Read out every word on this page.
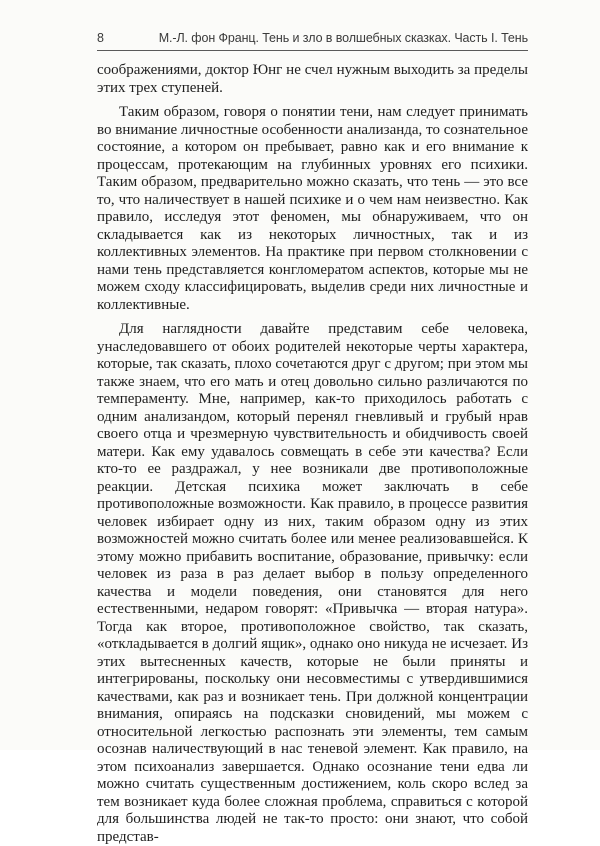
8	М.-Л. фон Франц. Тень и зло в волшебных сказках. Часть I. Тень

соображениями, доктор Юнг не счел нужным выходить за пределы этих трех ступеней.

Таким образом, говоря о понятии тени, нам следует принимать во внимание личностные особенности анализанда, то сознательное состояние, а котором он пребывает, равно как и его внимание к процессам, протекающим на глубинных уровнях его психики. Таким образом, предварительно можно сказать, что тень — это все то, что наличествует в нашей психике и о чем нам неизвестно. Как правило, исследуя этот феномен, мы обнаруживаем, что он складывается как из некоторых личностных, так и из коллективных элементов. На практике при первом столкновении с нами тень представляется конгломератом аспектов, которые мы не можем сходу классифицировать, выделив среди них личностные и коллективные.

Для наглядности давайте представим себе человека, унаследовавшего от обоих родителей некоторые черты характера, которые, так сказать, плохо сочетаются друг с другом; при этом мы также знаем, что его мать и отец довольно сильно различаются по темпераменту. Мне, например, как-то приходилось работать с одним анализандом, который перенял гневливый и грубый нрав своего отца и чрезмерную чувствительность и обидчивость своей матери. Как ему удавалось совмещать в себе эти качества? Если кто-то ее раздражал, у нее возникали две противоположные реакции. Детская психика может заключать в себе противоположные возможности. Как правило, в процессе развития человек избирает одну из них, таким образом одну из этих возможностей можно считать более или менее реализовавшейся. К этому можно прибавить воспитание, образование, привычку: если человек из раза в раз делает выбор в пользу определенного качества и модели поведения, они становятся для него естественными, недаром говорят: «Привычка — вторая натура». Тогда как второе, противоположное свойство, так сказать, «откладывается в долгий ящик», однако оно никуда не исчезает. Из этих вытесненных качеств, которые не были приняты и интегрированы, поскольку они несовместимы с утвердившимися качествами, как раз и возникает тень. При должной концентрации внимания, опираясь на подсказки сновидений, мы можем с относительной легкостью распознать эти элементы, тем самым осознав наличествующий в нас теневой элемент. Как правило, на этом психоанализ завершается. Однако осознание тени едва ли можно считать существенным достижением, коль скоро вслед за тем возникает куда более сложная проблема, справиться с которой для большинства людей не так-то просто: они знают, что собой представ-
